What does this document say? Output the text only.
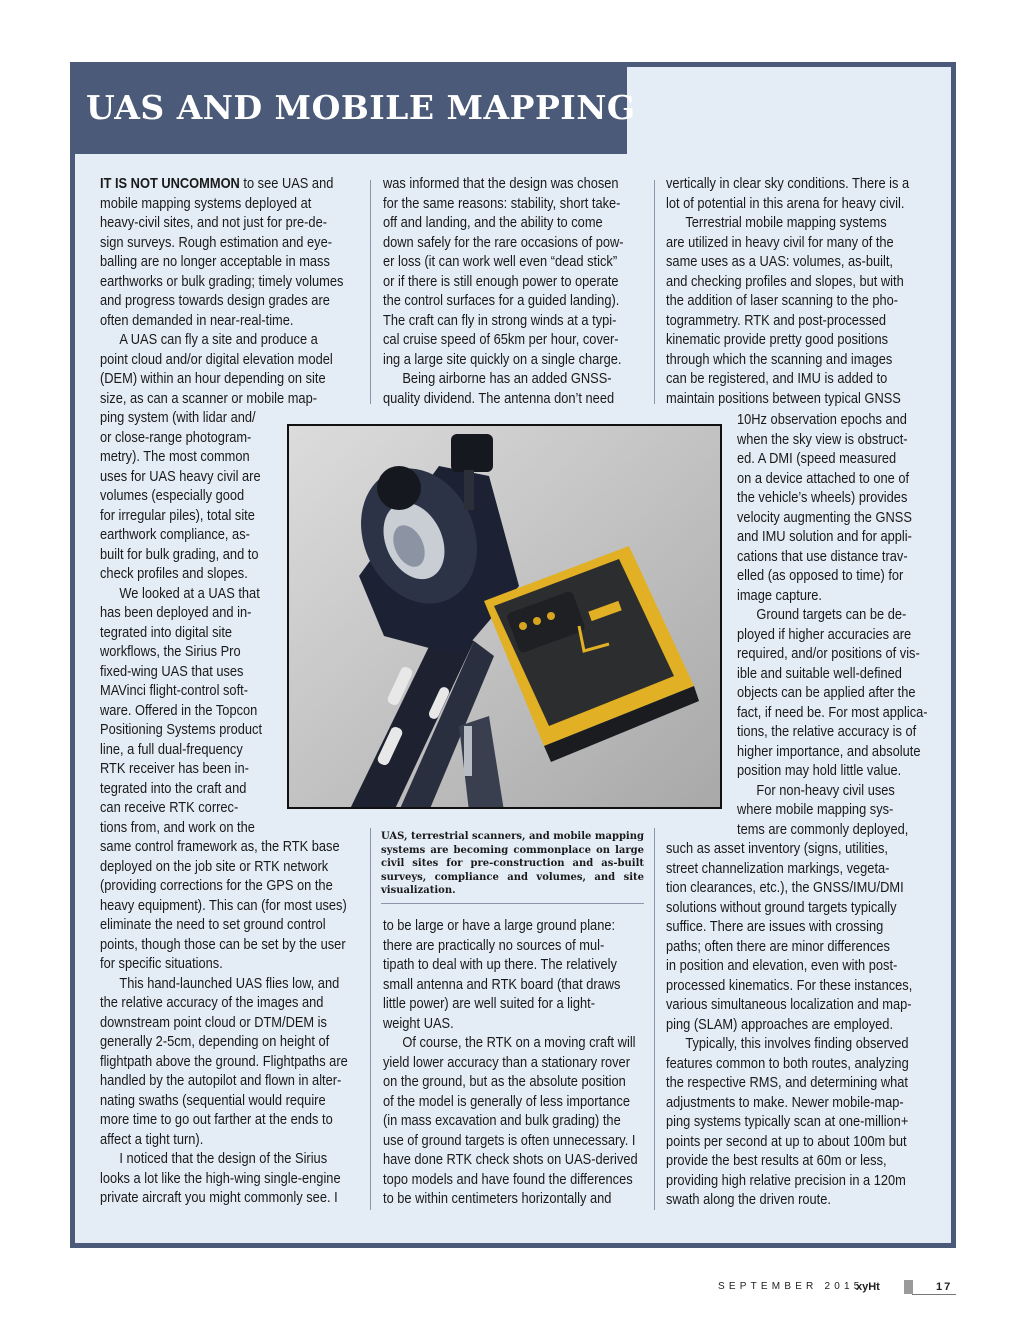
UAS AND MOBILE MAPPING

IT IS NOT UNCOMMON to see UAS and
mobile mapping systems deployed at
heavy-civil sites, and not just for pre-de-
sign surveys. Rough estimation and eye-
balling are no longer acceptable in mass
earthworks or bulk grading; timely volumes
and progress towards design grades are
often demanded in near-real-time.

A UAS can fly a site and produce a
point cloud and/or digital elevation model
(DEM) within an hour depending on site
size, as can a scanner or mobile map-
ping system (with lidar and/
or close-range photogram-
metry). The most common
uses for UAS heavy civil are
volumes (especially good
for irregular piles), total site
earthwork compliance, as-
built for bulk grading, and to
check profiles and slopes.

We looked at a UAS that
has been deployed and in-
tegrated into digital site
workflows, the Sirius Pro
fixed-wing UAS that uses
MAVinci flight-control soft-
ware. Offered in the Topcon
Positioning Systems product
line, a full dual-frequency
RTK receiver has been in-
tegrated into the craft and
can receive RTK correc-
tions from, and work on the
same control framework as, the RTK base
deployed on the job site or RTK network
(providing corrections for the GPS on the
heavy equipment). This can (for most uses)
eliminate the need to set ground control
points, though those can be set by the user
for specific situations.

This hand-launched UAS flies low, and
the relative accuracy of the images and
downstream point cloud or DTM/DEM is
generally 2-5cm, depending on height of
flightpath above the ground. Flightpaths are
handled by the autopilot and flown in alter-
nating swaths (sequential would require
more time to go out farther at the ends to
affect a tight turn).

I noticed that the design of the Sirius
looks a lot like the high-wing single-engine
private aircraft you might commonly see. I

was informed that the design was chosen
for the same reasons: stability, short take-
off and landing, and the ability to come
down safely for the rare occasions of pow-
er loss (it can work well even “dead stick”
or if there is still enough power to operate
the control surfaces for a guided landing).
The craft can fly in strong winds at a typi-
cal cruise speed of 65km per hour, cover-
ing a large site quickly on a single charge.

Being airborne has an added GNSS-
quality dividend. The antenna don’t need

to be large or have a large ground plane:
there are practically no sources of mul-
tipath to deal with up there. The relatively
small antenna and RTK board (that draws
little power) are well suited for a light-
weight UAS.

Of course, the RTK on a moving craft will
yield lower accuracy than a stationary rover
on the ground, but as the absolute position
of the model is generally of less importance
(in mass excavation and bulk grading) the
use of ground targets is often unnecessary. I
have done RTK check shots on UAS-derived
topo models and have found the differences
to be within centimeters horizontally and

vertically in clear sky conditions. There is a
lot of potential in this arena for heavy civil.

Terrestrial mobile mapping systems
are utilized in heavy civil for many of the
same uses as a UAS: volumes, as-built,
and checking profiles and slopes, but with
the addition of laser scanning to the pho-
togrammetry. RTK and post-processed
kinematic provide pretty good positions
through which the scanning and images
can be registered, and IMU is added to
maintain positions between typical GNSS

10Hz observation epochs and
when the sky view is obstruct-
ed. A DMI (speed measured
on a device attached to one of
the vehicle’s wheels) provides
velocity augmenting the GNSS
and IMU solution and for appli-
cations that use distance trav-
elled (as opposed to time) for
image capture.

Ground targets can be de-
ployed if higher accuracies are
required, and/or positions of vis-
ible and suitable well-defined
objects can be applied after the
fact, if need be. For most applica-
tions, the relative accuracy is of
higher importance, and absolute
position may hold little value.

For non-heavy civil uses
where mobile mapping sys-
tems are commonly deployed,

such as asset inventory (signs, utilities,
street channelization markings, vegeta-
tion clearances, etc.), the GNSS/IMU/DMI
solutions without ground targets typically
suffice. There are issues with crossing
paths; often there are minor differences
in position and elevation, even with post-
processed kinematics. For these instances,
various simultaneous localization and map-
ping (SLAM) approaches are employed.

Typically, this involves finding observed
features common to both routes, analyzing
the respective RMS, and determining what
adjustments to make. Newer mobile-map-
ping systems typically scan at one-million+
points per second at up to about 100m but
provide the best results at 60m or less,
providing high relative precision in a 120m
swath along the driven route.

UAS, terrestrial scanners, and mobile mapping systems are becoming commonplace on large civil sites for pre-construction and as-built surveys, compliance and volumes, and site visualization.
SEPTEMBER 2015
xyHt	17
